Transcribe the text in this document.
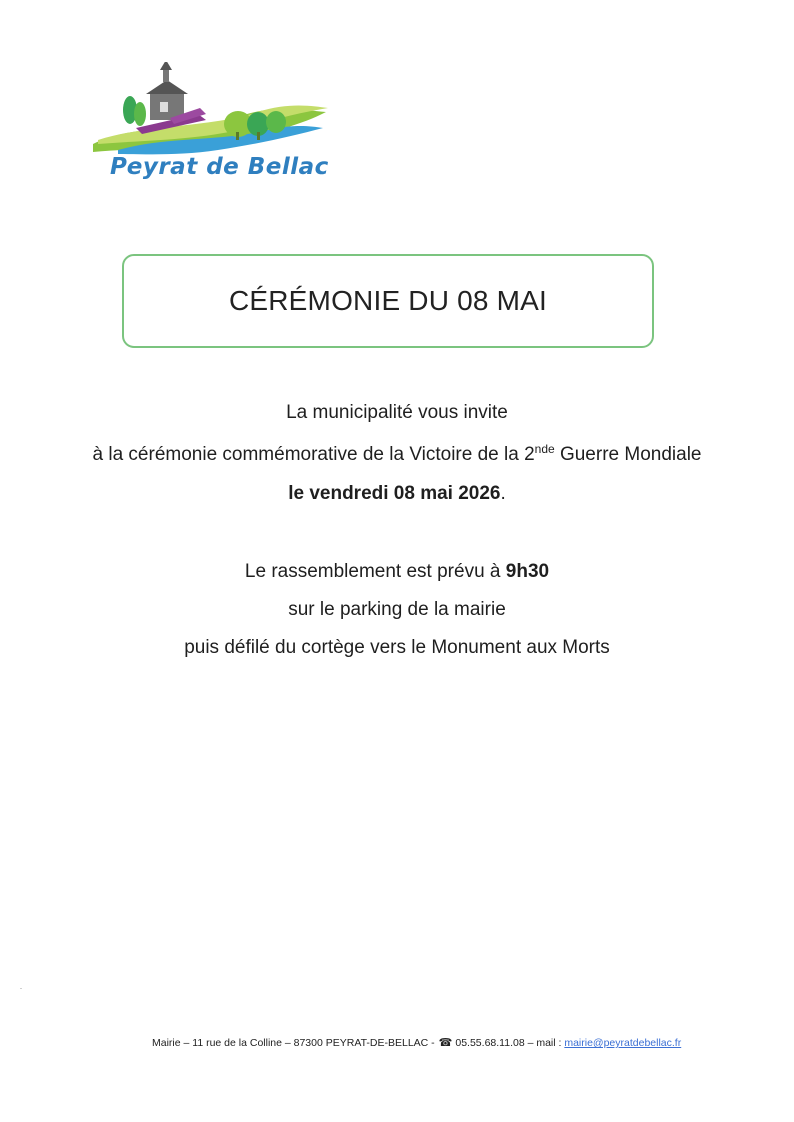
Peyrat de Bellac
CÉRÉMONIE DU 08 MAI
La municipalité vous invite
à la cérémonie commémorative de la Victoire de la 2nde Guerre Mondiale
le vendredi 08 mai 2026.
Le rassemblement est prévu à 9h30
sur le parking de la mairie
puis défilé du cortège vers le Monument aux Morts
Mairie – 11 rue de la Colline – 87300 PEYRAT-DE-BELLAC - ☎ 05.55.68.11.08 – mail : mairie@peyratdebellac.fr
